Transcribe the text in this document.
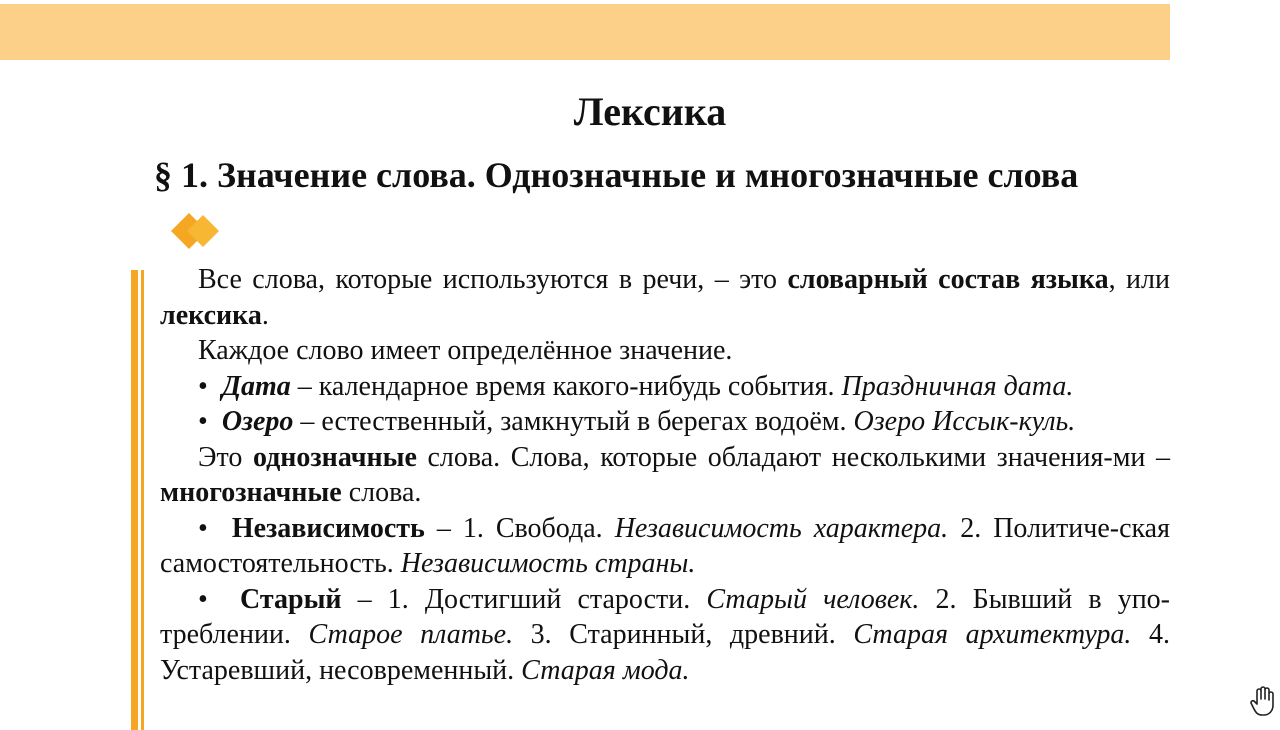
Лексика
§ 1. Значение слова. Однозначные и многозначные слова

Все слова, которые используются в речи, – это словарный состав языка, или лексика.

Каждое слово имеет определённое значение.

• Дата – календарное время какого-нибудь события. Праздничная дата.

• Озеро – естественный, замкнутый в берегах водоём. Озеро Иссык-куль.

Это однозначные слова. Слова, которые обладают несколькими значения-ми – многозначные слова.

• Независимость – 1. Свобода. Независимость характера. 2. Политиче-ская самостоятельность. Независимость страны.

• Старый – 1. Достигший старости. Старый человек. 2. Бывший в упо-треблении. Старое платье. 3. Старинный, древний. Старая архитектура. 4. Устаревший, несовременный. Старая мода.
